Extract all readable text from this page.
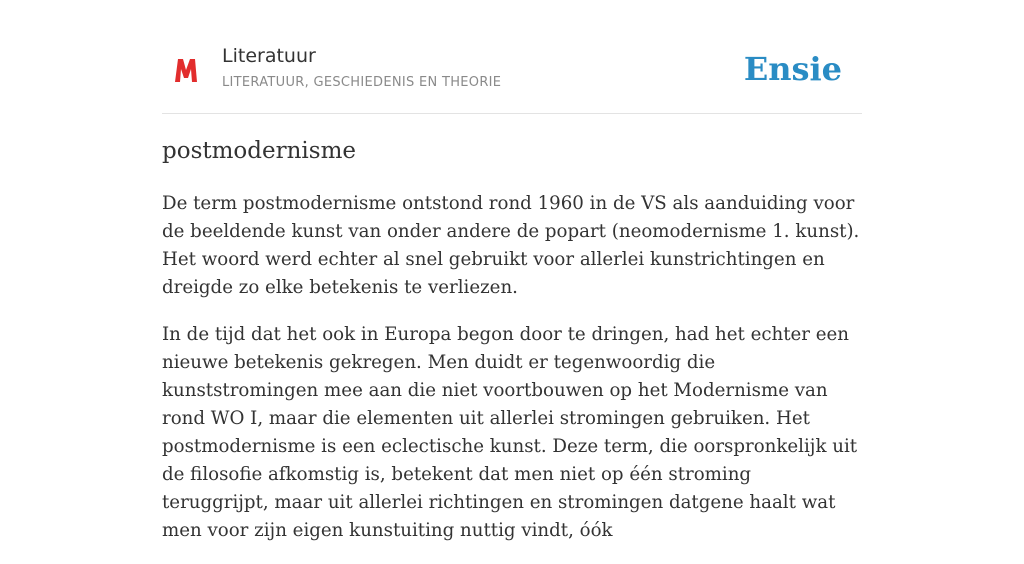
Literatuur
LITERATUUR, GESCHIEDENIS EN THEORIE	Ensie
postmodernisme

De term postmodernisme ontstond rond 1960 in de VS als aanduiding voor de beeldende kunst van onder andere de popart (neomodernisme 1. kunst). Het woord werd echter al snel gebruikt voor allerlei kunstrichtingen en dreigde zo elke betekenis te verliezen.

In de tijd dat het ook in Europa begon door te dringen, had het echter een nieuwe betekenis gekregen. Men duidt er tegenwoordig die kunststromingen mee aan die niet voortbouwen op het Modernisme van rond WO I, maar die elementen uit allerlei stromingen gebruiken. Het postmodernisme is een eclectische kunst. Deze term, die oorspronkelijk uit de filosofie afkomstig is, betekent dat men niet op één stroming teruggrijpt, maar uit allerlei richtingen en stromingen datgene haalt wat men voor zijn eigen kunstuiting nuttig vindt, óók
